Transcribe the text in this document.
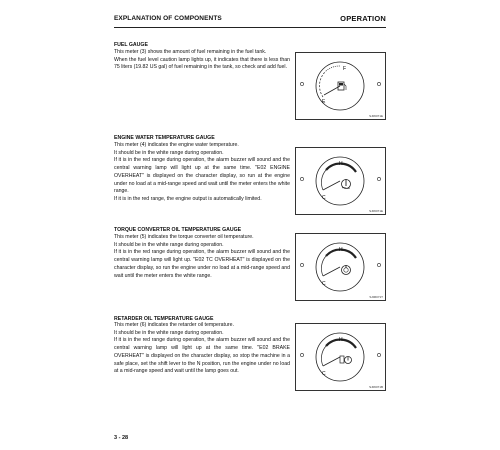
EXPLANATION OF COMPONENTS	OPERATION
FUEL GAUGE

This meter (3) shows the amount of fuel remaining in the fuel tank.

When the fuel level caution lamp lights up, it indicates that there is less than 75 liters (19.82 US gal) of fuel remaining in the tank, so check and add fuel.

E
F
SJ06071E
ENGINE WATER TEMPERATURE GAUGE

This meter (4) indicates the engine water temperature.

It should be in the white range during operation.

If it is in the red range during operation, the alarm buzzer will sound and the central warning lamp will light up at the same time. "E02 ENGINE OVERHEAT" is displayed on the character display, so run at the engine under no load at a mid-range speed and wait until the meter enters the white range.

If it is in the red range, the engine output is automatically limited.

H
C
SJ06071E
TORQUE CONVERTER OIL TEMPERATURE GAUGE

This meter (5) indicates the torque converter oil temperature.

It should be in the white range during operation.

If it is in the red range during operation, the alarm buzzer will sound and the central warning lamp will light up. "E02 TC OVERHEAT" is displayed on the character display, so run the engine under no load at a mid-range speed and wait until the meter enters the white range.

H
C
SJ06071T
RETARDER OIL TEMPERATURE GAUGE

This meter (6) indicates the retarder oil temperature.

It should be in the white range during operation.

If it is in the red range during operation, the alarm buzzer will sound and the central warning lamp will light up at the same time. "E02 BRAKE OVERHEAT" is displayed on the character display, so stop the machine in a safe place, set the shift lever to the N position, run the engine under no load at a mid-range speed and wait until the lamp goes out.

H
C
SJ06071B
3 - 28
